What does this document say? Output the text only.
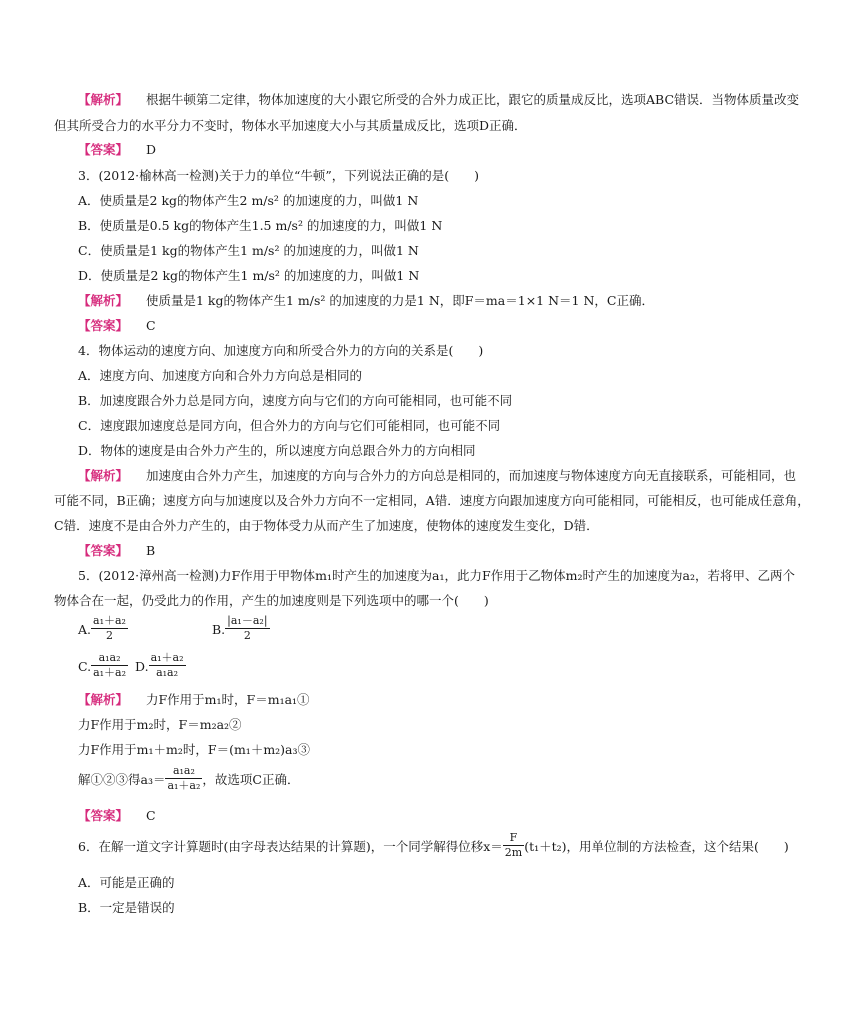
【解析】 根据牛顿第二定律，物体加速度的大小跟它所受的合外力成正比，跟它的质量成反比，选项ABC错误．当物体质量改变
但其所受合力的水平分力不变时，物体水平加速度大小与其质量成反比，选项D正确．
【答案】 D
3．(2012·榆林高一检测)关于力的单位“牛顿”，下列说法正确的是(　　)
A．使质量是2 kg的物体产生2 m/s² 的加速度的力，叫做1 N
B．使质量是0.5 kg的物体产生1.5 m/s² 的加速度的力，叫做1 N
C．使质量是1 kg的物体产生1 m/s² 的加速度的力，叫做1 N
D．使质量是2 kg的物体产生1 m/s² 的加速度的力，叫做1 N
【解析】 使质量是1 kg的物体产生1 m/s² 的加速度的力是1 N，即F＝ma＝1×1 N＝1 N，C正确．
【答案】 C
4．物体运动的速度方向、加速度方向和所受合外力的方向的关系是(　　)
A．速度方向、加速度方向和合外力方向总是相同的
B．加速度跟合外力总是同方向，速度方向与它们的方向可能相同，也可能不同
C．速度跟加速度总是同方向，但合外力的方向与它们可能相同，也可能不同
D．物体的速度是由合外力产生的，所以速度方向总跟合外力的方向相同
【解析】 加速度由合外力产生，加速度的方向与合外力的方向总是相同的，而加速度与物体速度方向无直接联系，可能相同，也
可能不同，B正确；速度方向与加速度以及合外力方向不一定相同，A错．速度方向跟加速度方向可能相同，可能相反，也可能成任意角，
C错．速度不是由合外力产生的，由于物体受力从而产生了加速度，使物体的速度发生变化，D错．
【答案】 B
5．(2012·漳州高一检测)力F作用于甲物体m₁时产生的加速度为a₁，此力F作用于乙物体m₂时产生的加速度为a₂，若将甲、乙两个
物体合在一起，仍受此力的作用，产生的加速度则是下列选项中的哪一个(　　)
A. $\frac{\text{a₁＋a₂}}{2}$	B. $\frac{\text{|a₁－a₂|}}{2}$
C. $\frac{\text{a₁a₂}}{\text{a₁＋a₂}} D$. $\frac{\text{a₁＋a₂}}{\text{a₁a₂}}$
【解析】 力F作用于m₁时，F＝m₁a₁①
力F作用于m₂时，F＝m₂a₂②
力F作用于m₁＋m₂时，F＝(m₁＋m₂)a₃③
解①②③得$a_3= \frac{\text{a₁a₂}}{\text{a₁＋a₂}}$ ，故选项C正确．
【答案】 C
6．在解一道文字计算题时(由字母表达结果的计算题)，一个同学解得位移$x= \frac{F}{2m} (t_1+t_2)$，用单位制的方法检查，这个结果(　　)
A．可能是正确的
B．一定是错误的
